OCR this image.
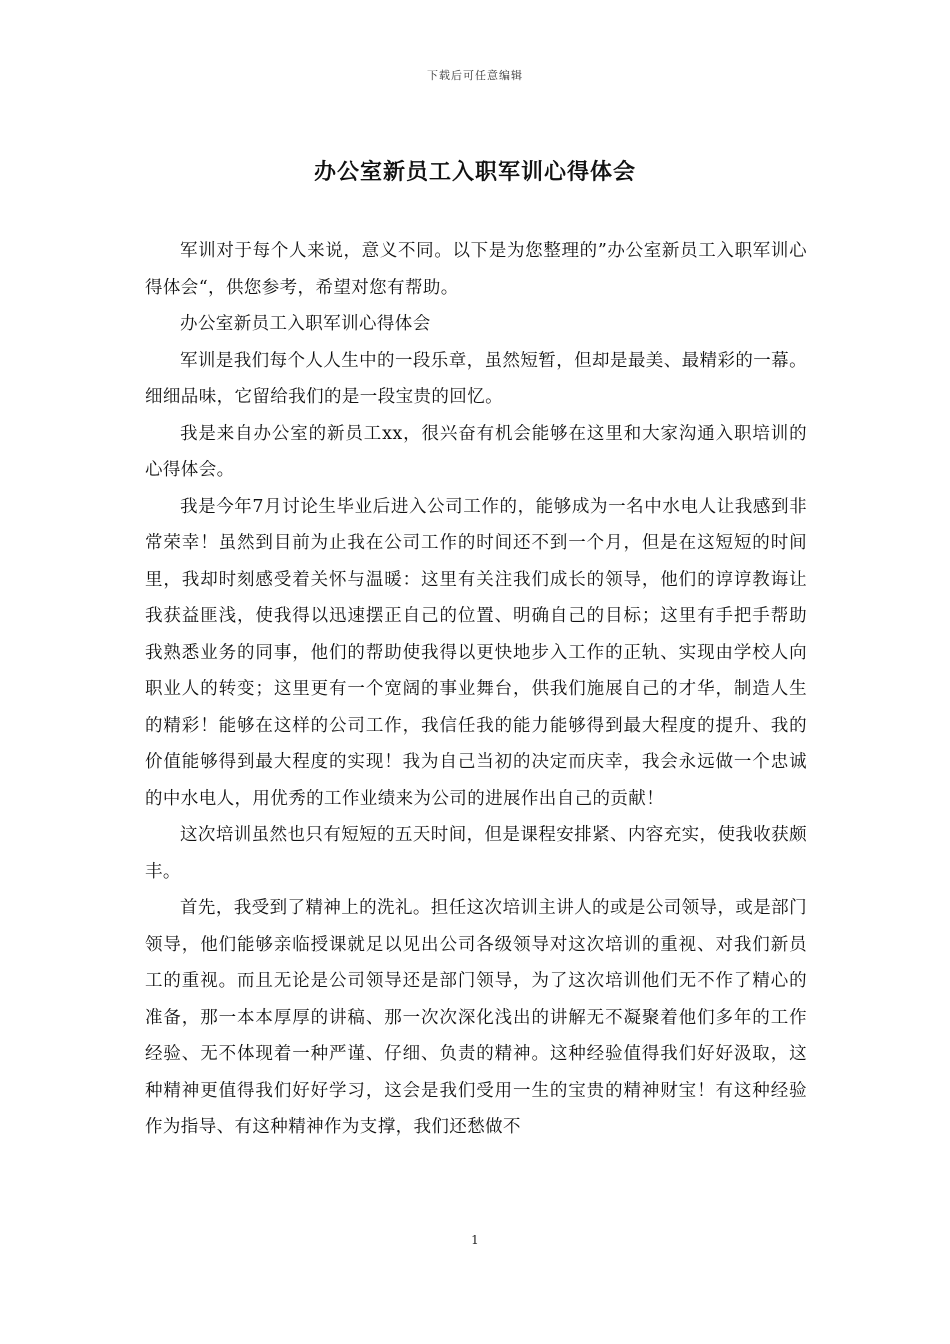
下载后可任意编辑
办公室新员工入职军训心得体会

军训对于每个人来说，意义不同。以下是为您整理的”办公室新员工入职军训心得体会“，供您参考，希望对您有帮助。

办公室新员工入职军训心得体会

军训是我们每个人人生中的一段乐章，虽然短暂，但却是最美、最精彩的一幕。细细品味，它留给我们的是一段宝贵的回忆。

我是来自办公室的新员工xx，很兴奋有机会能够在这里和大家沟通入职培训的心得体会。

我是今年7月讨论生毕业后进入公司工作的，能够成为一名中水电人让我感到非常荣幸！虽然到目前为止我在公司工作的时间还不到一个月，但是在这短短的时间里，我却时刻感受着关怀与温暖：这里有关注我们成长的领导，他们的谆谆教诲让我获益匪浅，使我得以迅速摆正自己的位置、明确自己的目标；这里有手把手帮助我熟悉业务的同事，他们的帮助使我得以更快地步入工作的正轨、实现由学校人向职业人的转变；这里更有一个宽阔的事业舞台，供我们施展自己的才华，制造人生的精彩！能够在这样的公司工作，我信任我的能力能够得到最大程度的提升、我的价值能够得到最大程度的实现！我为自己当初的决定而庆幸，我会永远做一个忠诚的中水电人，用优秀的工作业绩来为公司的进展作出自己的贡献！

这次培训虽然也只有短短的五天时间，但是课程安排紧、内容充实，使我收获颇丰。

首先，我受到了精神上的洗礼。担任这次培训主讲人的或是公司领导，或是部门领导，他们能够亲临授课就足以见出公司各级领导对这次培训的重视、对我们新员工的重视。而且无论是公司领导还是部门领导，为了这次培训他们无不作了精心的准备，那一本本厚厚的讲稿、那一次次深化浅出的讲解无不凝聚着他们多年的工作经验、无不体现着一种严谨、仔细、负责的精神。这种经验值得我们好好汲取，这种精神更值得我们好好学习，这会是我们受用一生的宝贵的精神财宝！有这种经验作为指导、有这种精神作为支撑，我们还愁做不

1
